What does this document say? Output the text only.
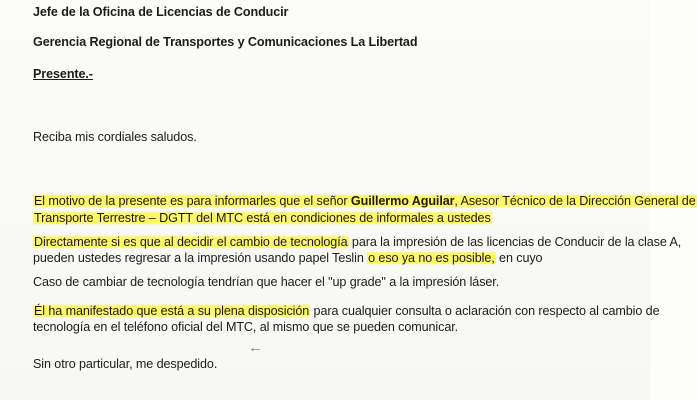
Jefe de la Oficina de Licencias de Conducir
Gerencia Regional de Transportes y Comunicaciones La Libertad
Presente.-
Reciba mis cordiales saludos.
El motivo de la presente es para informarles que el señor Guillermo Aguilar, Asesor Técnico de la Dirección General de
Transporte Terrestre – DGTT del MTC está en condiciones de informales a ustedes
Directamente si es que al decidir el cambio de tecnología para la impresión de las licencias de Conducir de la clase A,
pueden ustedes regresar a la impresión usando papel Teslin o eso ya no es posible, en cuyo
Caso de cambiar de tecnología tendrían que hacer el "up grade" a la impresión láser.
Él ha manifestado que está a su plena disposición para cualquier consulta o aclaración con respecto al cambio de
tecnología en el teléfono oficial del MTC, al mismo que se pueden comunicar.
←
Sin otro particular, me despedido.
